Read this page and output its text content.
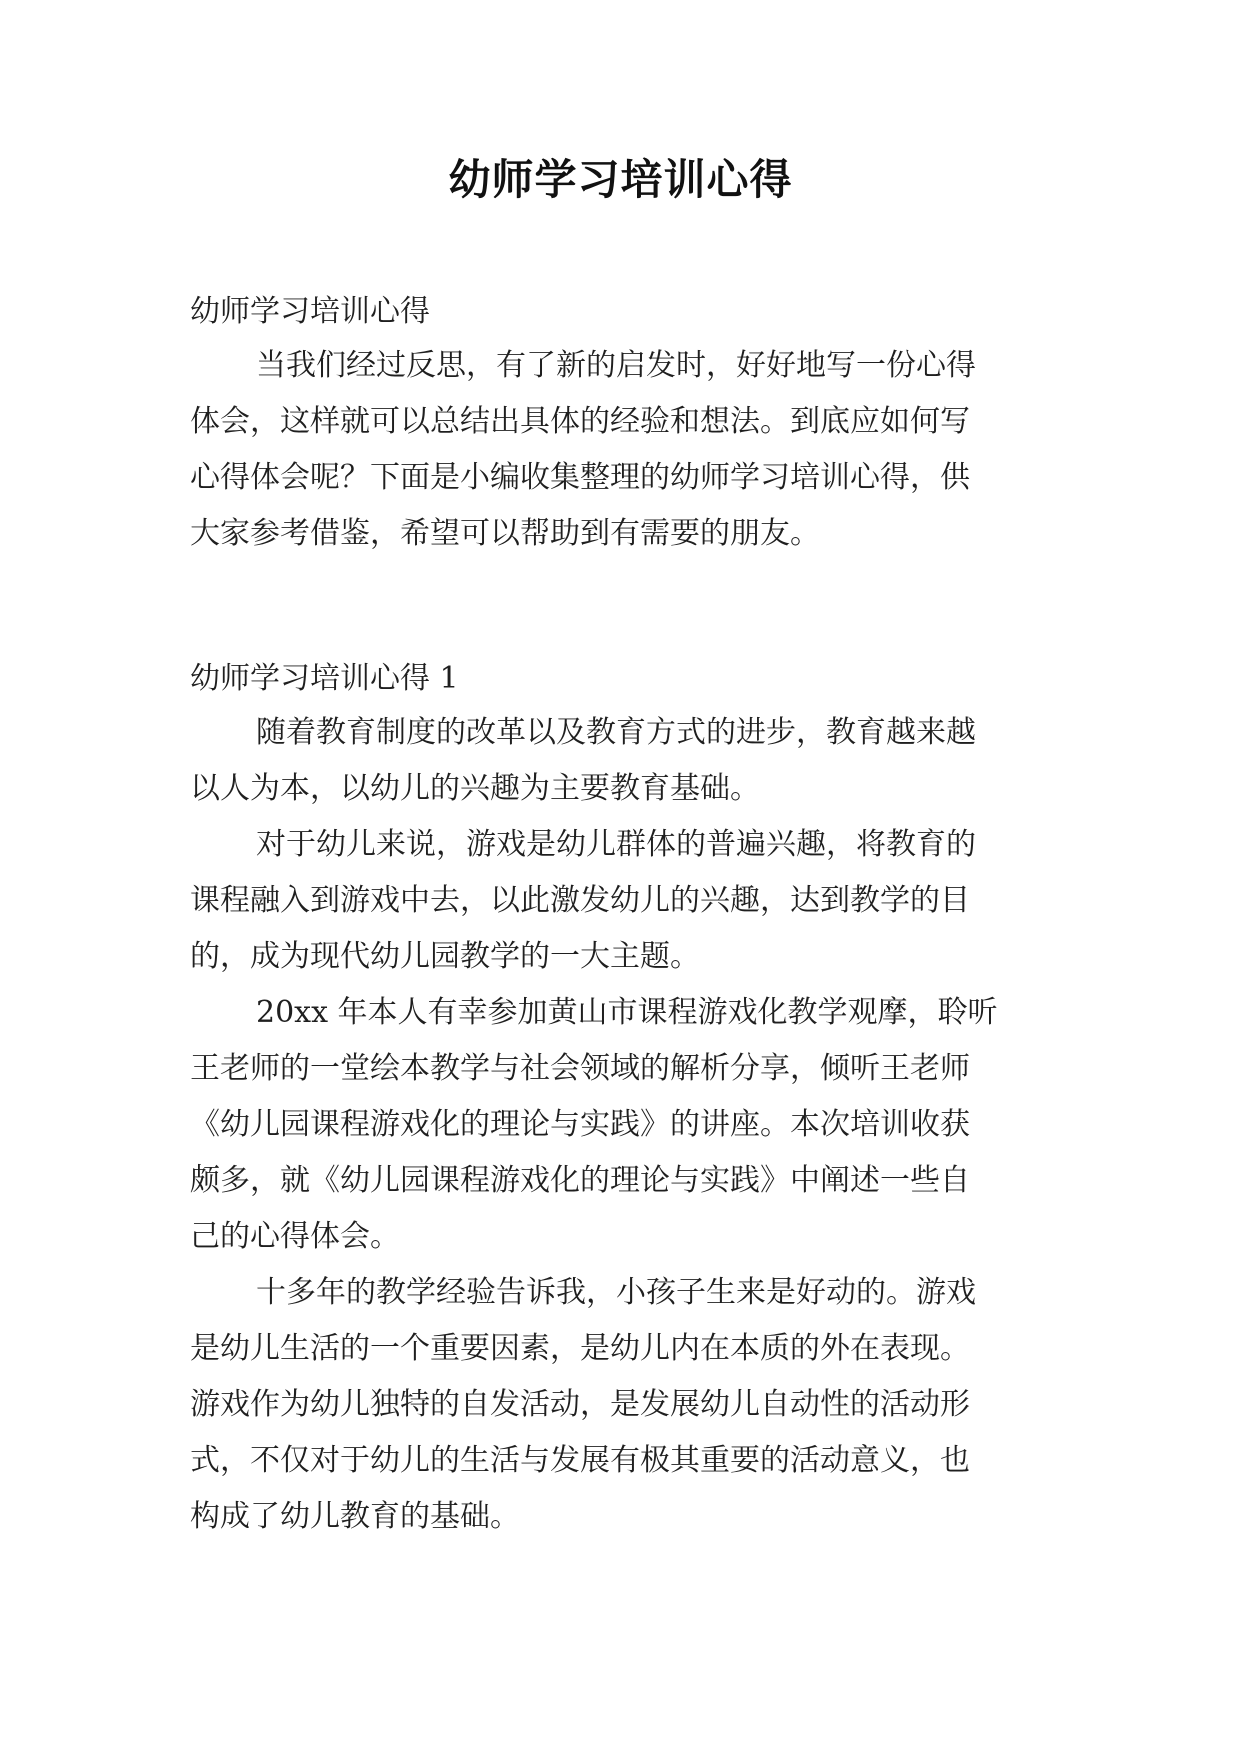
幼师学习培训心得
幼师学习培训心得
当我们经过反思，有了新的启发时，好好地写一份心得
体会，这样就可以总结出具体的经验和想法。到底应如何写
心得体会呢？下面是小编收集整理的幼师学习培训心得，供
大家参考借鉴，希望可以帮助到有需要的朋友。
幼师学习培训心得 1
随着教育制度的改革以及教育方式的进步，教育越来越
以人为本，以幼儿的兴趣为主要教育基础。
对于幼儿来说，游戏是幼儿群体的普遍兴趣，将教育的
课程融入到游戏中去，以此激发幼儿的兴趣，达到教学的目
的，成为现代幼儿园教学的一大主题。
20xx 年本人有幸参加黄山市课程游戏化教学观摩，聆听
王老师的一堂绘本教学与社会领域的解析分享，倾听王老师
《幼儿园课程游戏化的理论与实践》的讲座。本次培训收获
颇多，就《幼儿园课程游戏化的理论与实践》中阐述一些自
己的心得体会。
十多年的教学经验告诉我，小孩子生来是好动的。游戏
是幼儿生活的一个重要因素，是幼儿内在本质的外在表现。
游戏作为幼儿独特的自发活动，是发展幼儿自动性的活动形
式，不仅对于幼儿的生活与发展有极其重要的活动意义，也
构成了幼儿教育的基础。
